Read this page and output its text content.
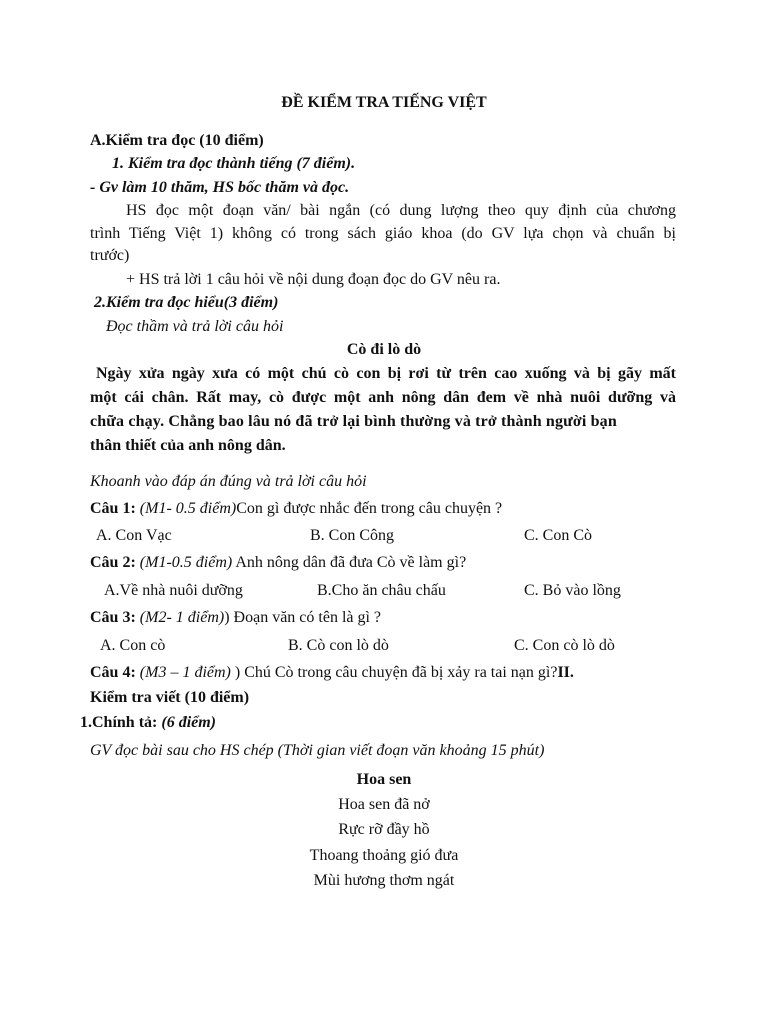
ĐỀ KIỂM TRA TIẾNG VIỆT
A.Kiểm tra đọc (10 điểm)
1. Kiểm tra đọc thành tiếng (7 điểm).
- Gv làm 10 thăm, HS bốc thăm và đọc.
HS đọc một đoạn văn/ bài ngắn (có dung lượng theo quy định của chương
trình Tiếng Việt 1) không có trong sách giáo khoa (do GV lựa chọn và chuẩn bị
trước)
+ HS trả lời 1 câu hỏi về nội dung đoạn đọc do GV nêu ra.
2.Kiểm tra đọc hiểu(3 điểm)
Đọc thầm và trả lời câu hỏi
Cò đi lò dò
Ngày xửa ngày xưa có một chú cò con bị rơi từ trên cao xuống và bị gãy mất
một cái chân. Rất may, cò được một anh nông dân đem về nhà nuôi dưỡng và
chữa chạy. Chẳng bao lâu nó đã trở lại bình thường và trở thành người bạn
thân thiết của anh nông dân.
Khoanh vào đáp án đúng và trả lời câu hỏi
Câu 1: (M1- 0.5 điểm)Con gì được nhắc đến trong câu chuyện ?
A. Con Vạc	B. Con Công	C. Con Cò
Câu 2: (M1-0.5 điểm) Anh nông dân đã đưa Cò về làm gì?
A.Về nhà nuôi dưỡng	B.Cho ăn châu chấu	C. Bỏ vào lồng
Câu 3: (M2- 1 điểm)) Đoạn văn có tên là gì ?
A. Con cò	B. Cò con lò dò	C. Con cò lò dò
Câu 4: (M3 – 1 điểm) ) Chú Cò trong câu chuyện đã bị xảy ra tai nạn gì?II.
Kiểm tra viết (10 điểm)
1.Chính tả: (6 điểm)
GV đọc bài sau cho HS chép (Thời gian viết đoạn văn khoảng 15 phút)
Hoa sen
Hoa sen đã nở
Rực rỡ đầy hồ
Thoang thoảng gió đưa
Mùi hương thơm ngát
